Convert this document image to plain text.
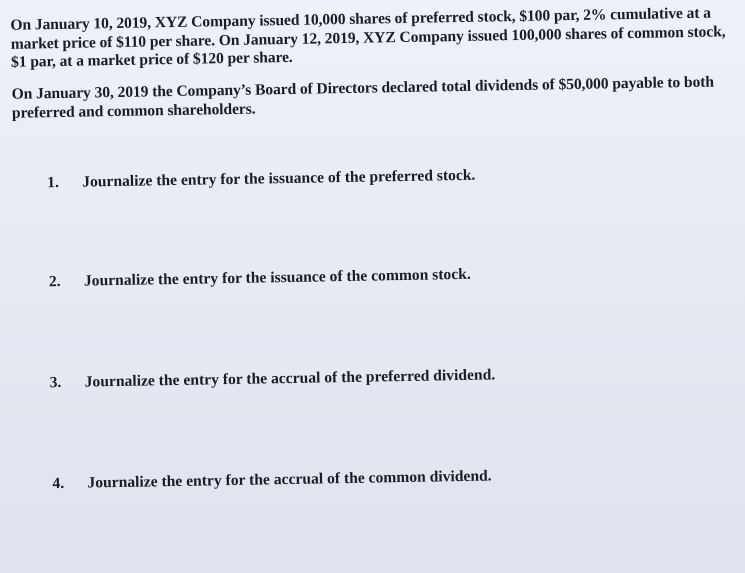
On January 10, 2019, XYZ Company issued 10,000 shares of preferred stock, $100 par, 2% cumulative at a market price of $110 per share. On January 12, 2019, XYZ Company issued 100,000 shares of common stock, $1 par, at a market price of $120 per share.
On January 30, 2019 the Company’s Board of Directors declared total dividends of $50,000 payable to both preferred and common shareholders.
1. Journalize the entry for the issuance of the preferred stock.
2. Journalize the entry for the issuance of the common stock.
3. Journalize the entry for the accrual of the preferred dividend.
4. Journalize the entry for the accrual of the common dividend.
